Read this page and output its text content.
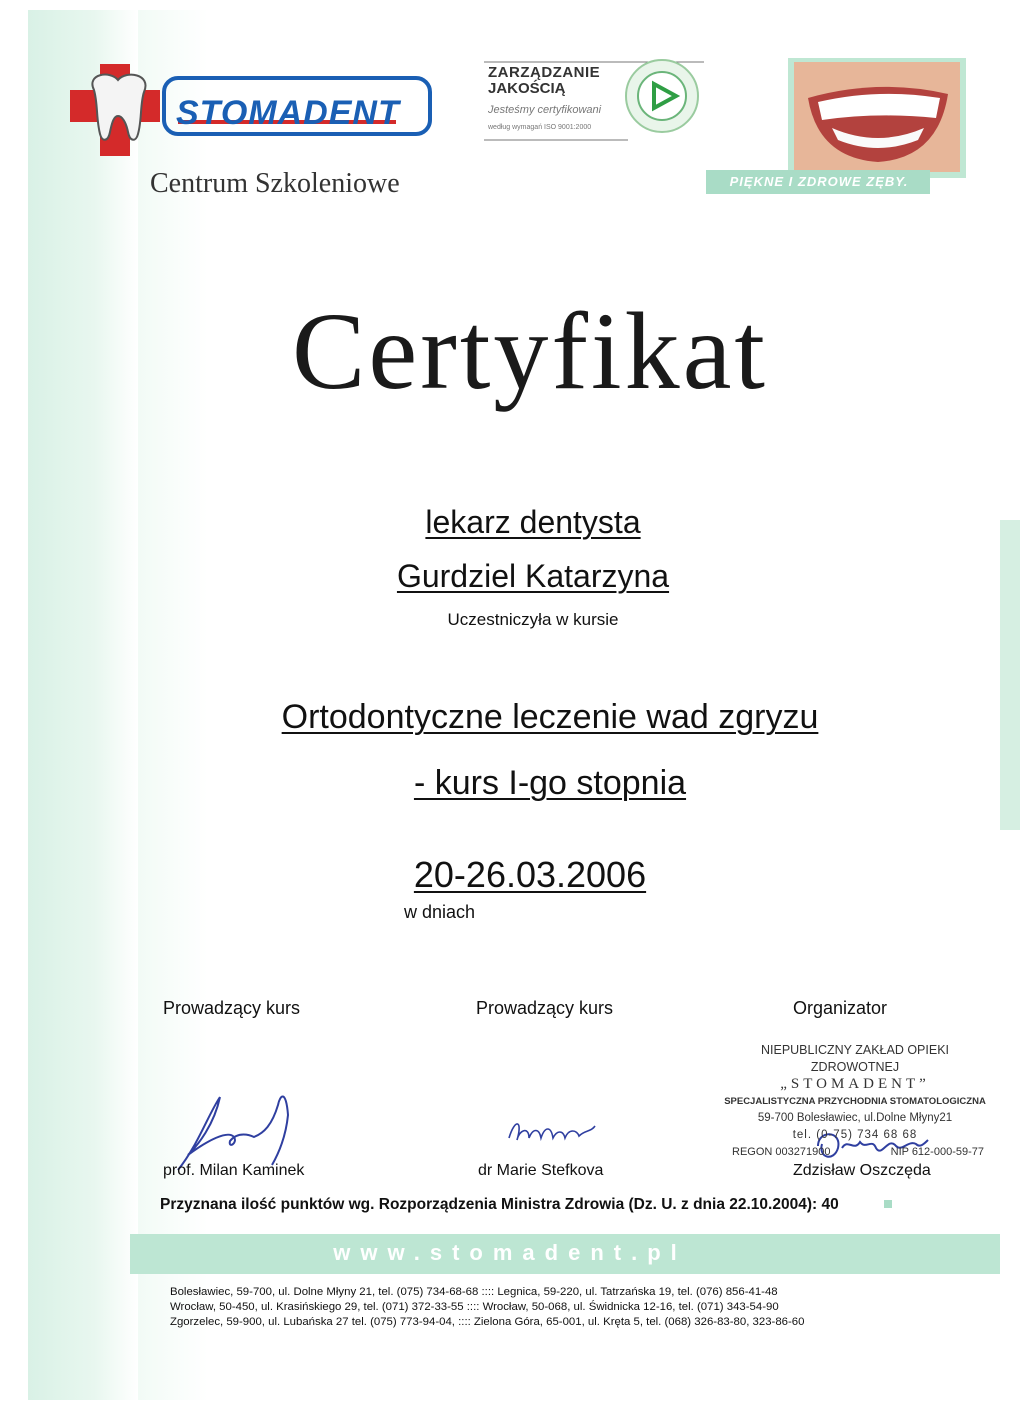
STOMADENT
Centrum Szkoleniowe
ZARZĄDZANIE
JAKOŚCIĄ
Jesteśmy certyfikowani
według wymagań ISO 9001:2000
PIĘKNE I ZDROWE ZĘBY.
Certyfikat
lekarz dentysta
Gurdziel Katarzyna
Uczestniczyła w kursie
Ortodontyczne leczenie wad zgryzu
- kurs I-go stopnia
20-26.03.2006
w dniach
Prowadzący kurs	Prowadzący kurs	Organizator
NIEPUBLICZNY ZAKŁAD OPIEKI ZDROWOTNEJ
„STOMADENT”
SPECJALISTYCZNA PRZYCHODNIA STOMATOLOGICZNA
59-700 Bolesławiec, ul.Dolne Młyny21
tel. (0-75) 734 68 68
REGON 003271900	NIP 612-000-59-77
prof. Milan Kaminek	dr Marie Stefkova	Zdzisław Oszczęda
Przyznana ilość punktów wg. Rozporządzenia Ministra Zdrowia (Dz. U. z dnia 22.10.2004): 40
www.stomadent.pl
Bolesławiec, 59-700, ul. Dolne Młyny 21, tel. (075) 734-68-68 :::: Legnica, 59-220, ul. Tatrzańska 19, tel. (076) 856-41-48
Wrocław, 50-450, ul. Krasińskiego 29, tel. (071) 372-33-55 :::: Wrocław, 50-068, ul. Świdnicka 12-16, tel. (071) 343-54-90
Zgorzelec, 59-900, ul. Lubańska 27 tel. (075) 773-94-04, :::: Zielona Góra, 65-001, ul. Kręta 5, tel. (068) 326-83-80, 323-86-60
